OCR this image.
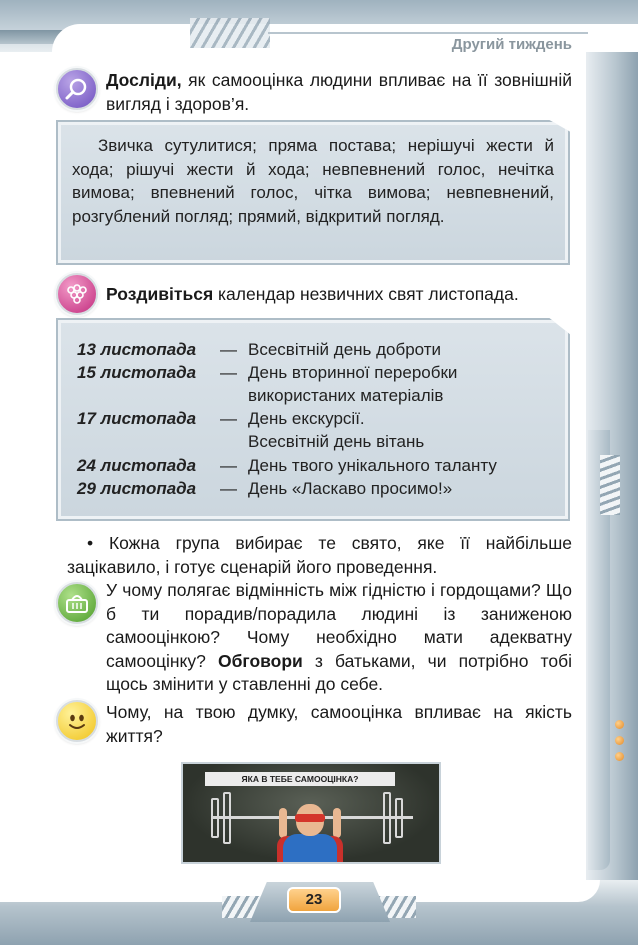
Другий тиждень
23
Досліди, як самооцінка людини впливає на її зовнішній вигляд і здоров’я.
Звичка сутулитися; пряма постава; нерішучі жести й хода; рішучі жести й хода; невпевнений голос, нечітка вимова; впевнений голос, чітка вимова; невпевнений, розгублений погляд; прямий, відкритий погляд.
Роздивіться календар незвичних свят листопада.
13 листопада — Всесвітній день доброти
15 листопада — День вторинної переробки
використаних матеріалів
17 листопада — День екскурсії.
Всесвітній день вітань
24 листопада — День твого унікального таланту
29 листопада — День «Ласкаво просимо!»
• Кожна група вибирає те свято, яке її найбільше зацікавило, і готує сценарій його проведення.
У чому полягає відмінність між гідністю і гордощами? Що б ти порадив/порадила людині із заниженою самооцінкою? Чому необхідно мати адекватну самооцінку? Обговори з батьками, чи потрібно тобі щось змінити у ставленні до себе.
Чому, на твою думку, самооцінка впливає на якість життя?
ЯКА В ТЕБЕ САМООЦІНКА?
